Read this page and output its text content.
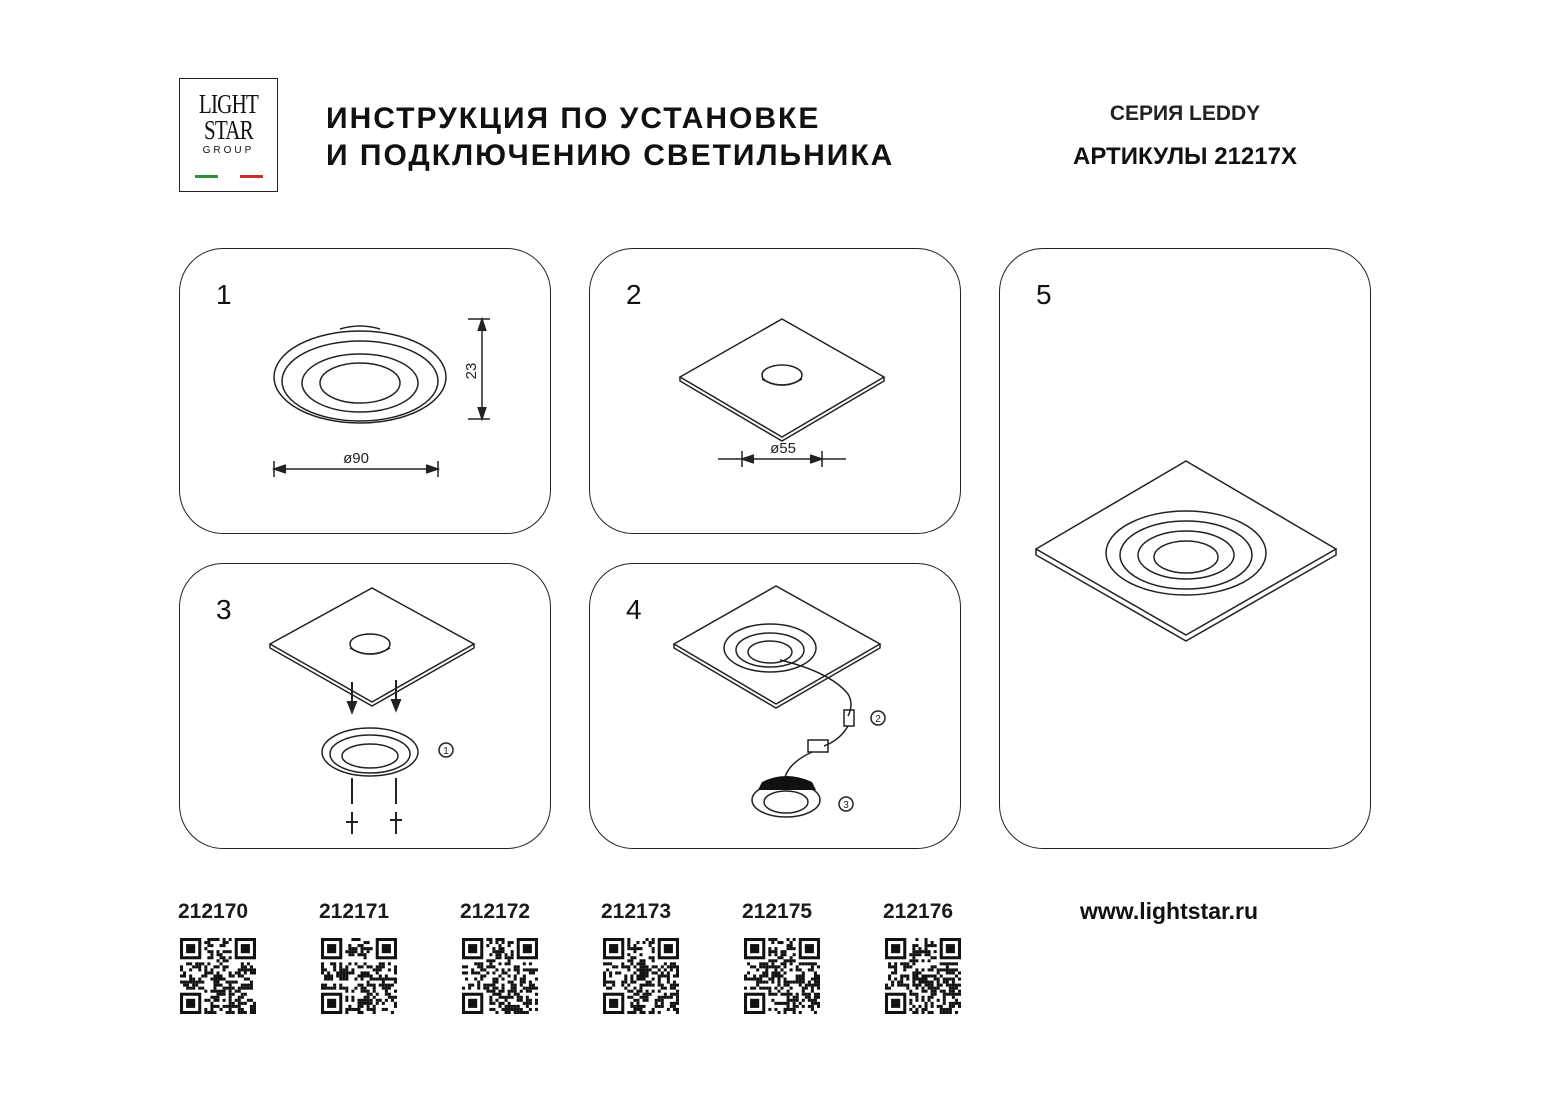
LIGHT
STAR
GROUP
ИНСТРУКЦИЯ ПО УСТАНОВКЕ
И ПОДКЛЮЧЕНИЮ СВЕТИЛЬНИКА
СЕРИЯ LEDDY
АРТИКУЛЫ 21217X
1
23
ø90
2
ø55
3
1
4
2
3
5
212170	212171	212172	212173	212175	212176	www.lightstar.ru
